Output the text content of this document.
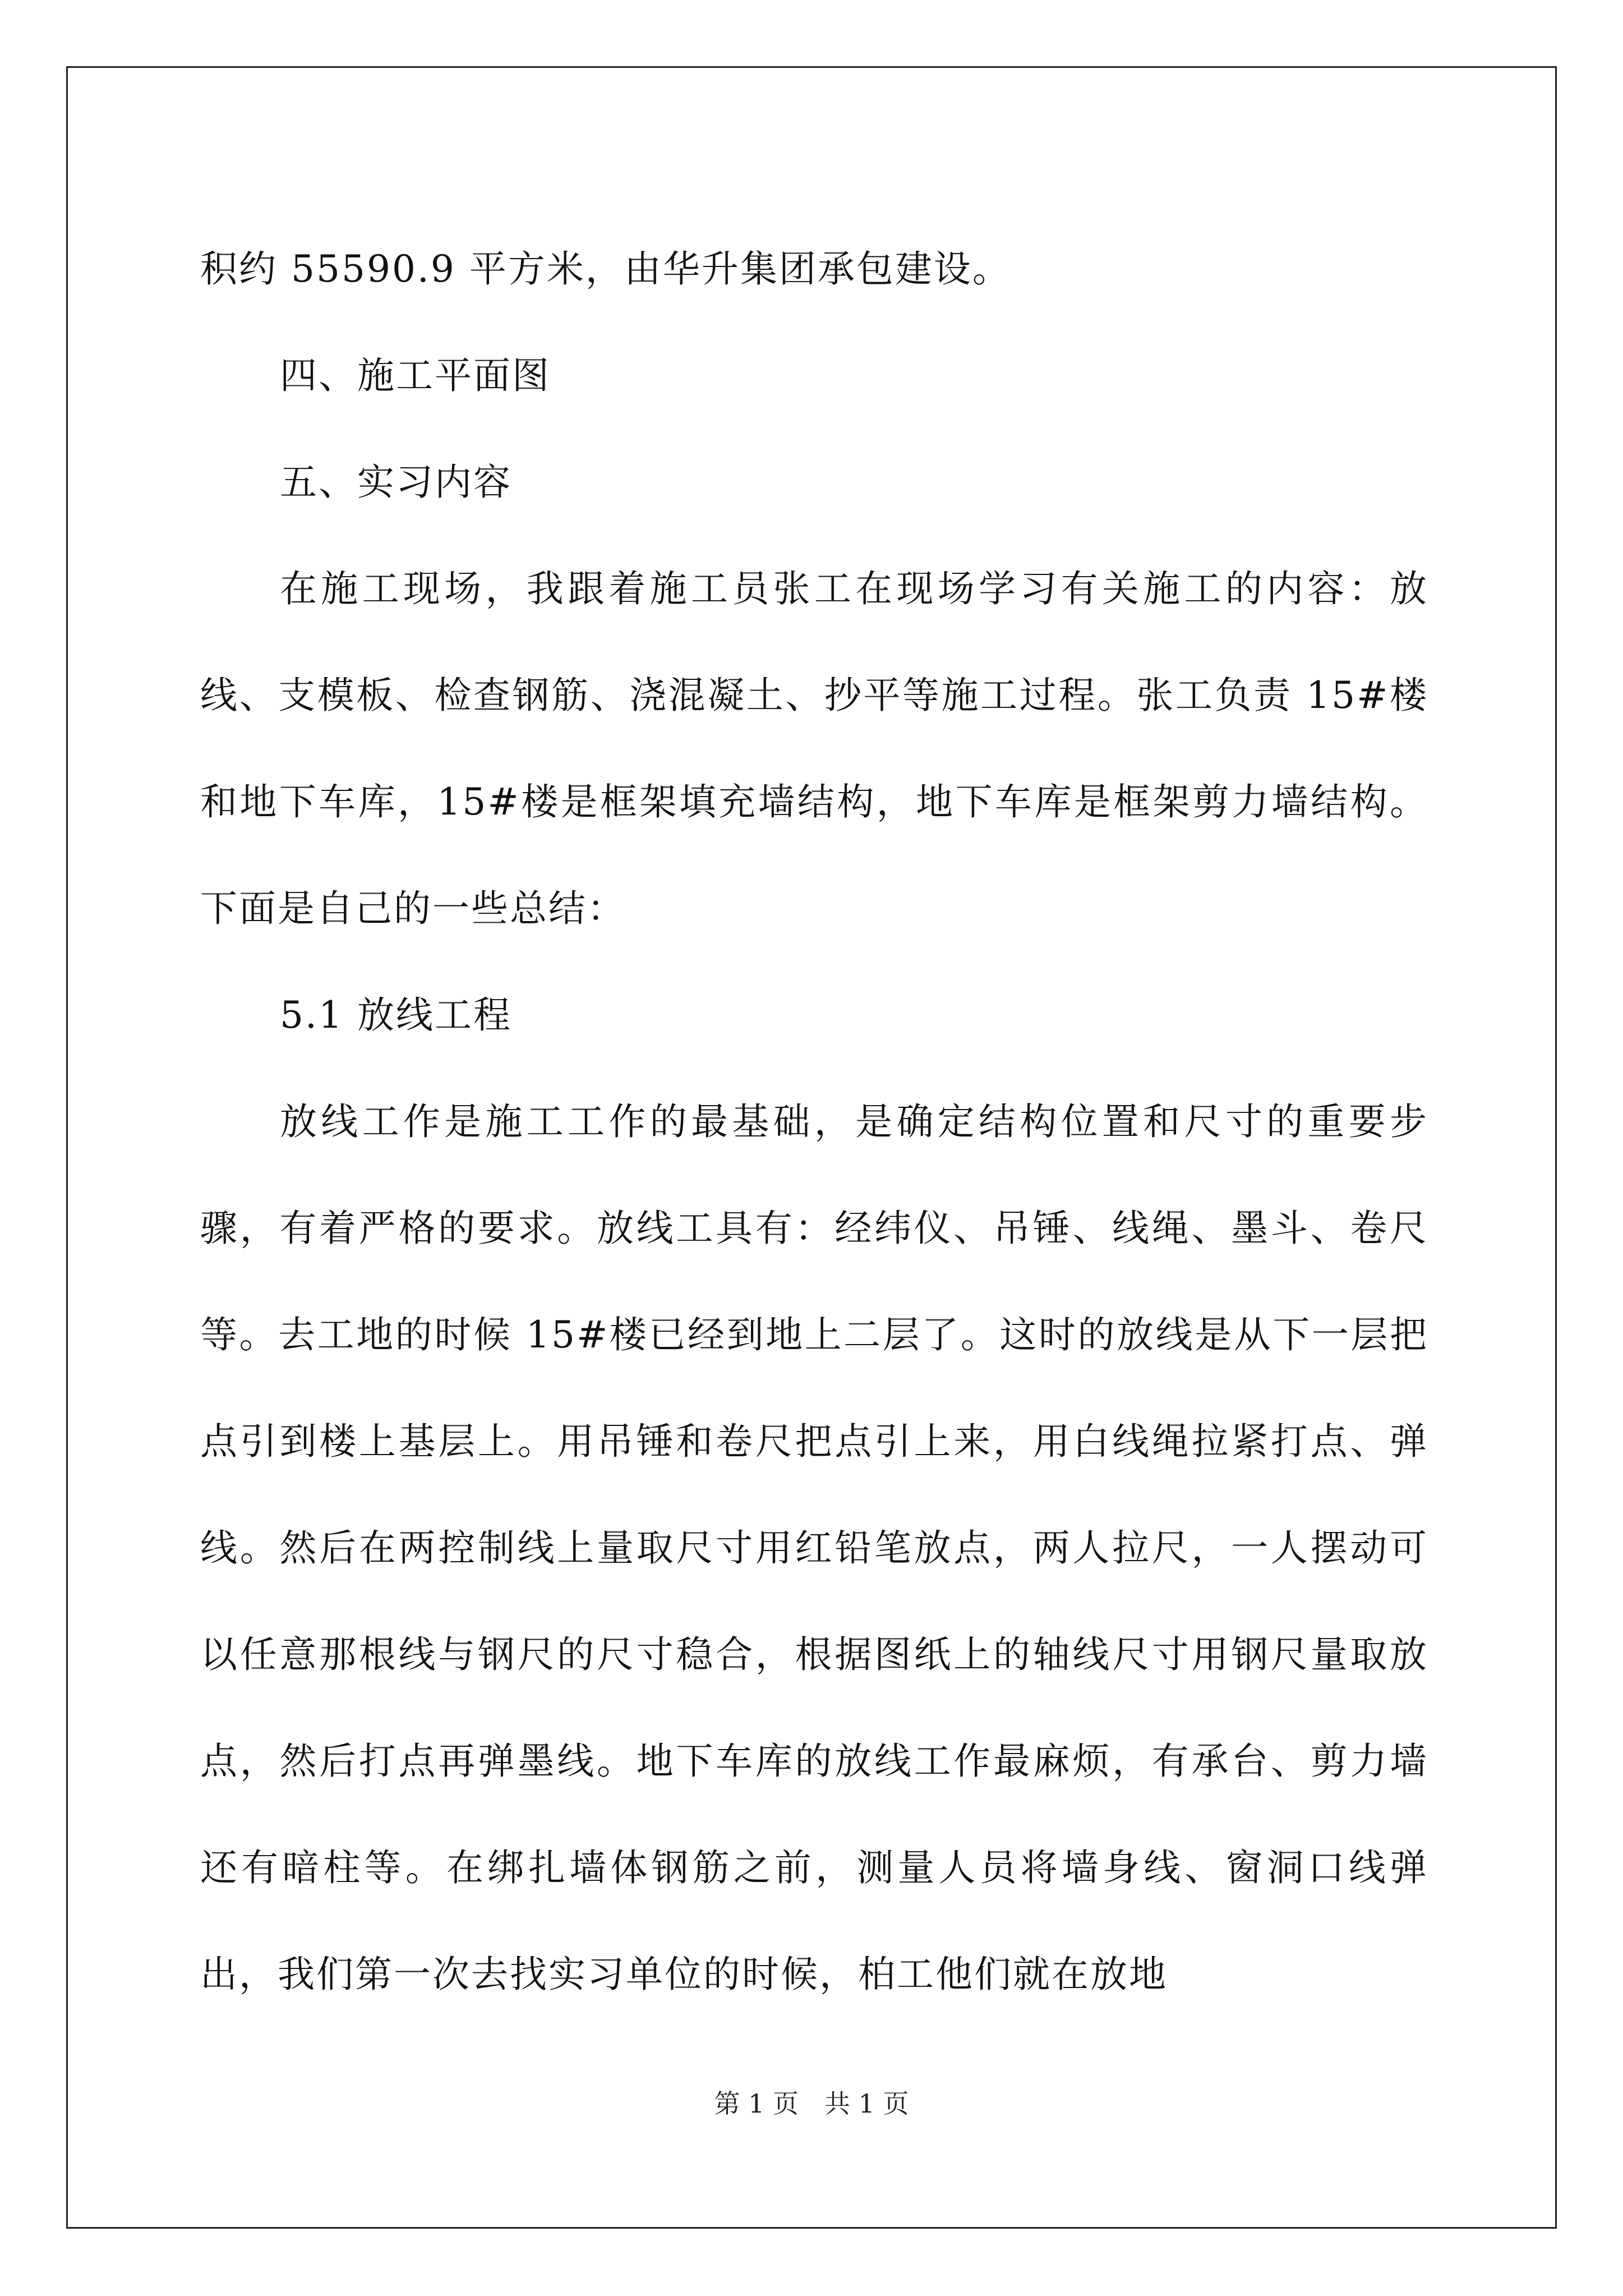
积约 55590.9 平方米，由华升集团承包建设。

四、施工平面图

五、实习内容

在施工现场，我跟着施工员张工在现场学习有关施工的内容：放线、支模板、检查钢筋、浇混凝土、抄平等施工过程。张工负责 15#楼和地下车库，15#楼是框架填充墙结构，地下车库是框架剪力墙结构。下面是自己的一些总结：

5.1 放线工程

放线工作是施工工作的最基础，是确定结构位置和尺寸的重要步骤，有着严格的要求。放线工具有：经纬仪、吊锤、线绳、墨斗、卷尺等。去工地的时候 15#楼已经到地上二层了。这时的放线是从下一层把点引到楼上基层上。用吊锤和卷尺把点引上来，用白线绳拉紧打点、弹线。然后在两控制线上量取尺寸用红铅笔放点，两人拉尺，一人摆动可以任意那根线与钢尺的尺寸稳合，根据图纸上的轴线尺寸用钢尺量取放点，然后打点再弹墨线。地下车库的放线工作最麻烦，有承台、剪力墙还有暗柱等。在绑扎墙体钢筋之前，测量人员将墙身线、窗洞口线弹出，我们第一次去找实习单位的时候，柏工他们就在放地

第 1 页　共 1 页
